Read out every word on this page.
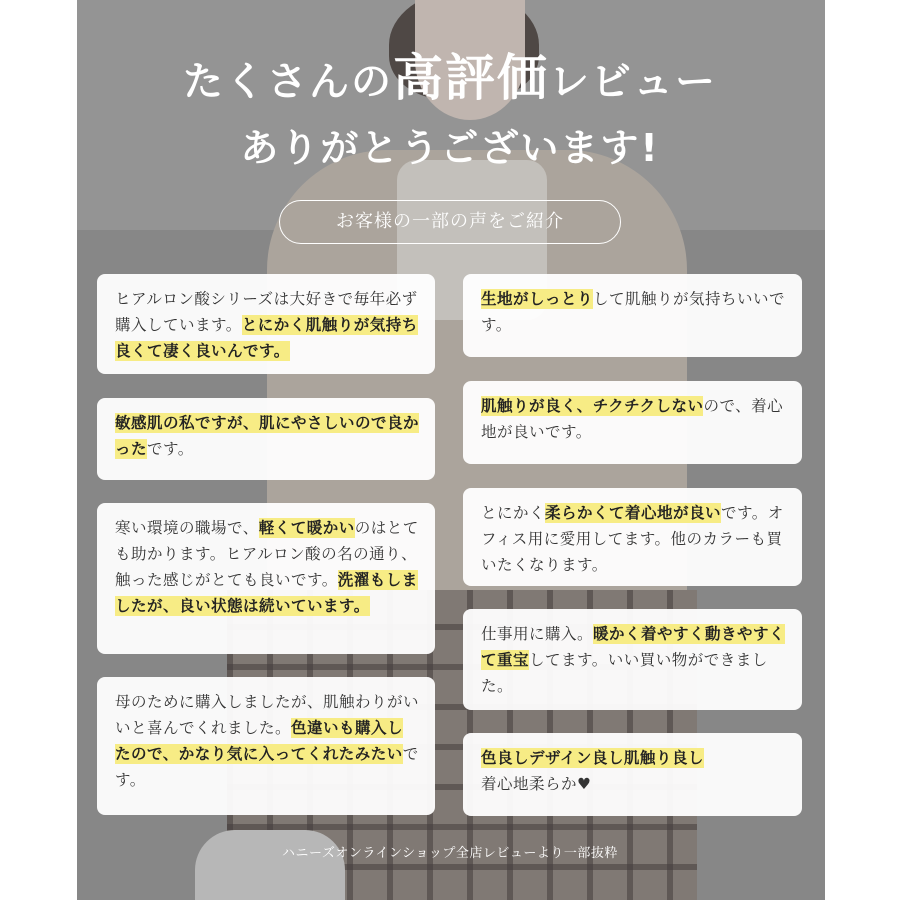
たくさんの高評価レビュー
ありがとうございます!
お客様の一部の声をご紹介
ヒアルロン酸シリーズは大好きで毎年必ず購入しています。とにかく肌触りが気持ち良くて凄く良いんです。
敏感肌の私ですが、肌にやさしいので良かったです。
寒い環境の職場で、軽くて暖かいのはとても助かります。ヒアルロン酸の名の通り、触った感じがとても良いです。洗濯もしましたが、良い状態は続いています。
母のために購入しましたが、肌触わりがいいと喜んでくれました。色違いも購入したので、かなり気に入ってくれたみたいです。
生地がしっとりして肌触りが気持ちいいです。
肌触りが良く、チクチクしないので、着心地が良いです。
とにかく柔らかくて着心地が良いです。オフィス用に愛用してます。他のカラーも買いたくなります。
仕事用に購入。暖かく着やすく動きやすくて重宝してます。いい買い物ができました。
色良しデザイン良し肌触り良し
着心地柔らか♥
ハニーズオンラインショップ全店レビューより一部抜粋
